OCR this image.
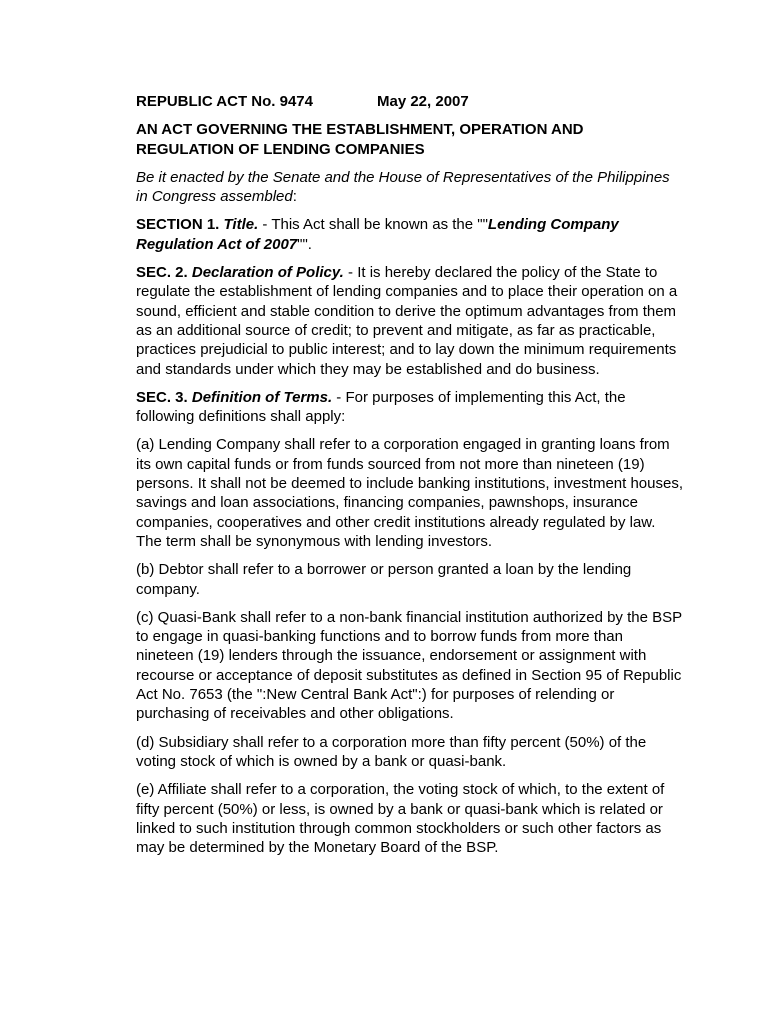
REPUBLIC ACT No. 9474	May 22, 2007

AN ACT GOVERNING THE ESTABLISHMENT, OPERATION AND REGULATION OF LENDING COMPANIES

Be it enacted by the Senate and the House of Representatives of the Philippines in Congress assembled:

SECTION 1. Title. - This Act shall be known as the ""Lending Company Regulation Act of 2007"".

SEC. 2. Declaration of Policy. - It is hereby declared the policy of the State to regulate the establishment of lending companies and to place their operation on a sound, efficient and stable condition to derive the optimum advantages from them as an additional source of credit; to prevent and mitigate, as far as practicable, practices prejudicial to public interest; and to lay down the minimum requirements and standards under which they may be established and do business.

SEC. 3. Definition of Terms. - For purposes of implementing this Act, the following definitions shall apply:

(a) Lending Company shall refer to a corporation engaged in granting loans from its own capital funds or from funds sourced from not more than nineteen (19) persons. It shall not be deemed to include banking institutions, investment houses, savings and loan associations, financing companies, pawnshops, insurance companies, cooperatives and other credit institutions already regulated by law. The term shall be synonymous with lending investors.

(b) Debtor shall refer to a borrower or person granted a loan by the lending company.

(c) Quasi-Bank shall refer to a non-bank financial institution authorized by the BSP to engage in quasi-banking functions and to borrow funds from more than nineteen (19) lenders through the issuance, endorsement or assignment with recourse or acceptance of deposit substitutes as defined in Section 95 of Republic Act No. 7653 (the ":New Central Bank Act":) for purposes of relending or purchasing of receivables and other obligations.

(d) Subsidiary shall refer to a corporation more than fifty percent (50%) of the voting stock of which is owned by a bank or quasi-bank.

(e) Affiliate shall refer to a corporation, the voting stock of which, to the extent of fifty percent (50%) or less, is owned by a bank or quasi-bank which is related or linked to such institution through common stockholders or such other factors as may be determined by the Monetary Board of the BSP.
